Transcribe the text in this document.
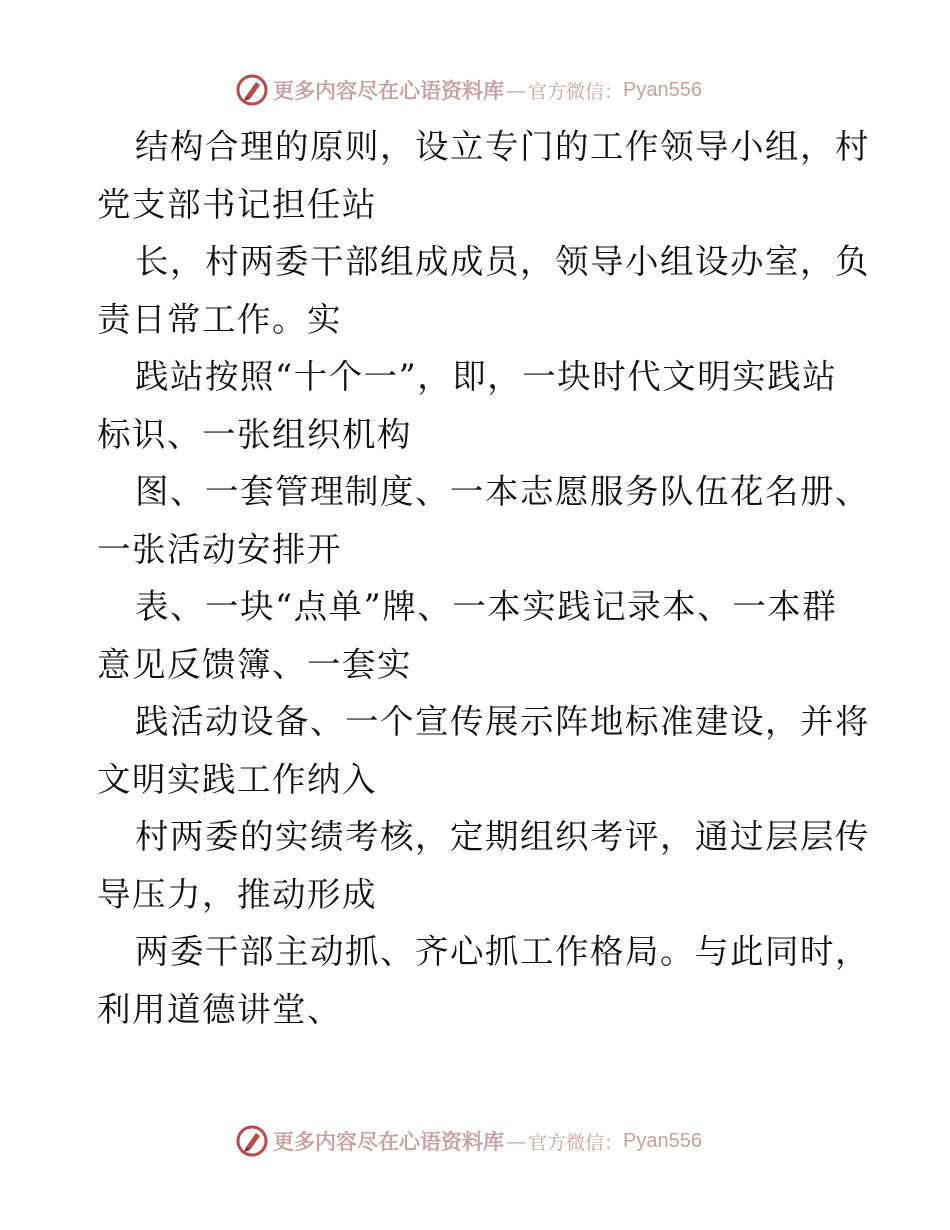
更多内容尽在心语资料库 — 官方微信： Pyan556
结构合理的原则，设立专门的工作领导小组，村
党支部书记担任站
长，村两委干部组成成员，领导小组设办室，负
责日常工作。实
践站按照“十个一”，即，一块时代文明实践站
标识、一张组织机构
图、一套管理制度、一本志愿服务队伍花名册、
一张活动安排开
表、一块“点单”牌、一本实践记录本、一本群
意见反馈簿、一套实
践活动设备、一个宣传展示阵地标准建设，并将
文明实践工作纳入
村两委的实绩考核，定期组织考评，通过层层传
导压力，推动形成
两委干部主动抓、齐心抓工作格局。与此同时，
利用道德讲堂、
更多内容尽在心语资料库 — 官方微信： Pyan556
